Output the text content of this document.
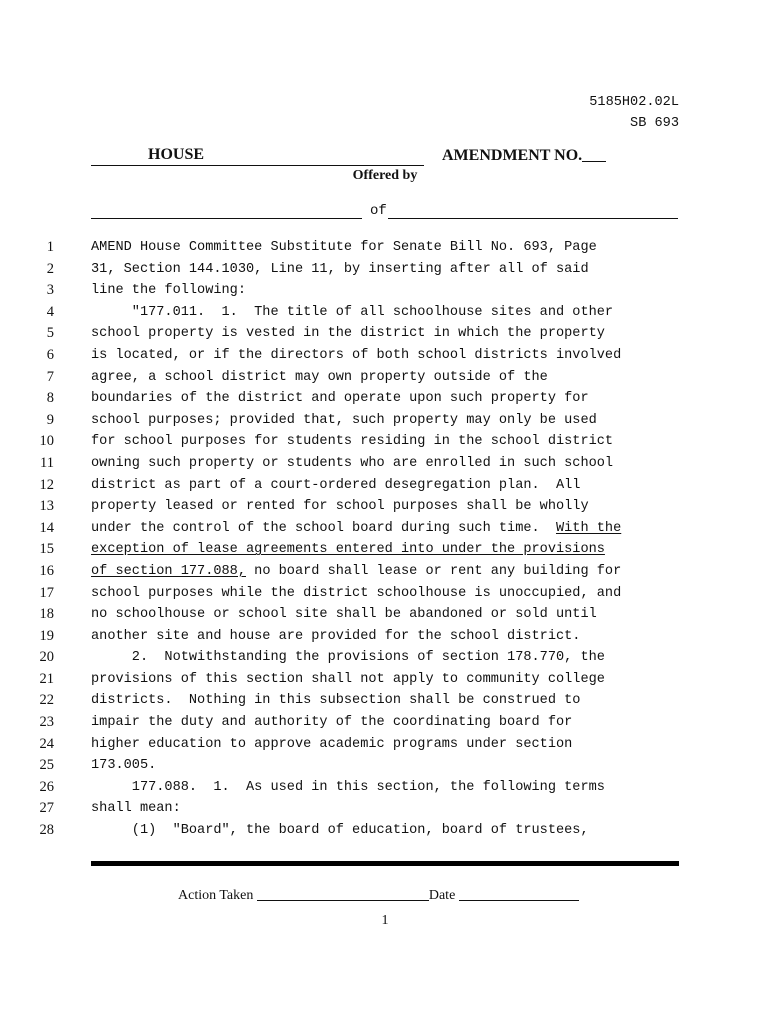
5185H02.02L
SB 693
HOUSE	AMENDMENT NO.
Offered by
of
1	AMEND House Committee Substitute for Senate Bill No. 693, Page
2	31, Section 144.1030, Line 11, by inserting after all of said
3	line the following:
4	"177.011.  1.  The title of all schoolhouse sites and other
5	school property is vested in the district in which the property
6	is located, or if the directors of both school districts involved
7	agree, a school district may own property outside of the
8	boundaries of the district and operate upon such property for
9	school purposes; provided that, such property may only be used
10	for school purposes for students residing in the school district
11	owning such property or students who are enrolled in such school
12	district as part of a court-ordered desegregation plan.  All
13	property leased or rented for school purposes shall be wholly
14	under the control of the school board during such time.  With the
15	exception of lease agreements entered into under the provisions
16	of section 177.088, no board shall lease or rent any building for
17	school purposes while the district schoolhouse is unoccupied, and
18	no schoolhouse or school site shall be abandoned or sold until
19	another site and house are provided for the school district.
20	2.  Notwithstanding the provisions of section 178.770, the
21	provisions of this section shall not apply to community college
22	districts.  Nothing in this subsection shall be construed to
23	impair the duty and authority of the coordinating board for
24	higher education to approve academic programs under section
25	173.005.
26	177.088.  1.  As used in this section, the following terms
27	shall mean:
28	(1)  "Board", the board of education, board of trustees,
Action Taken	Date
1
